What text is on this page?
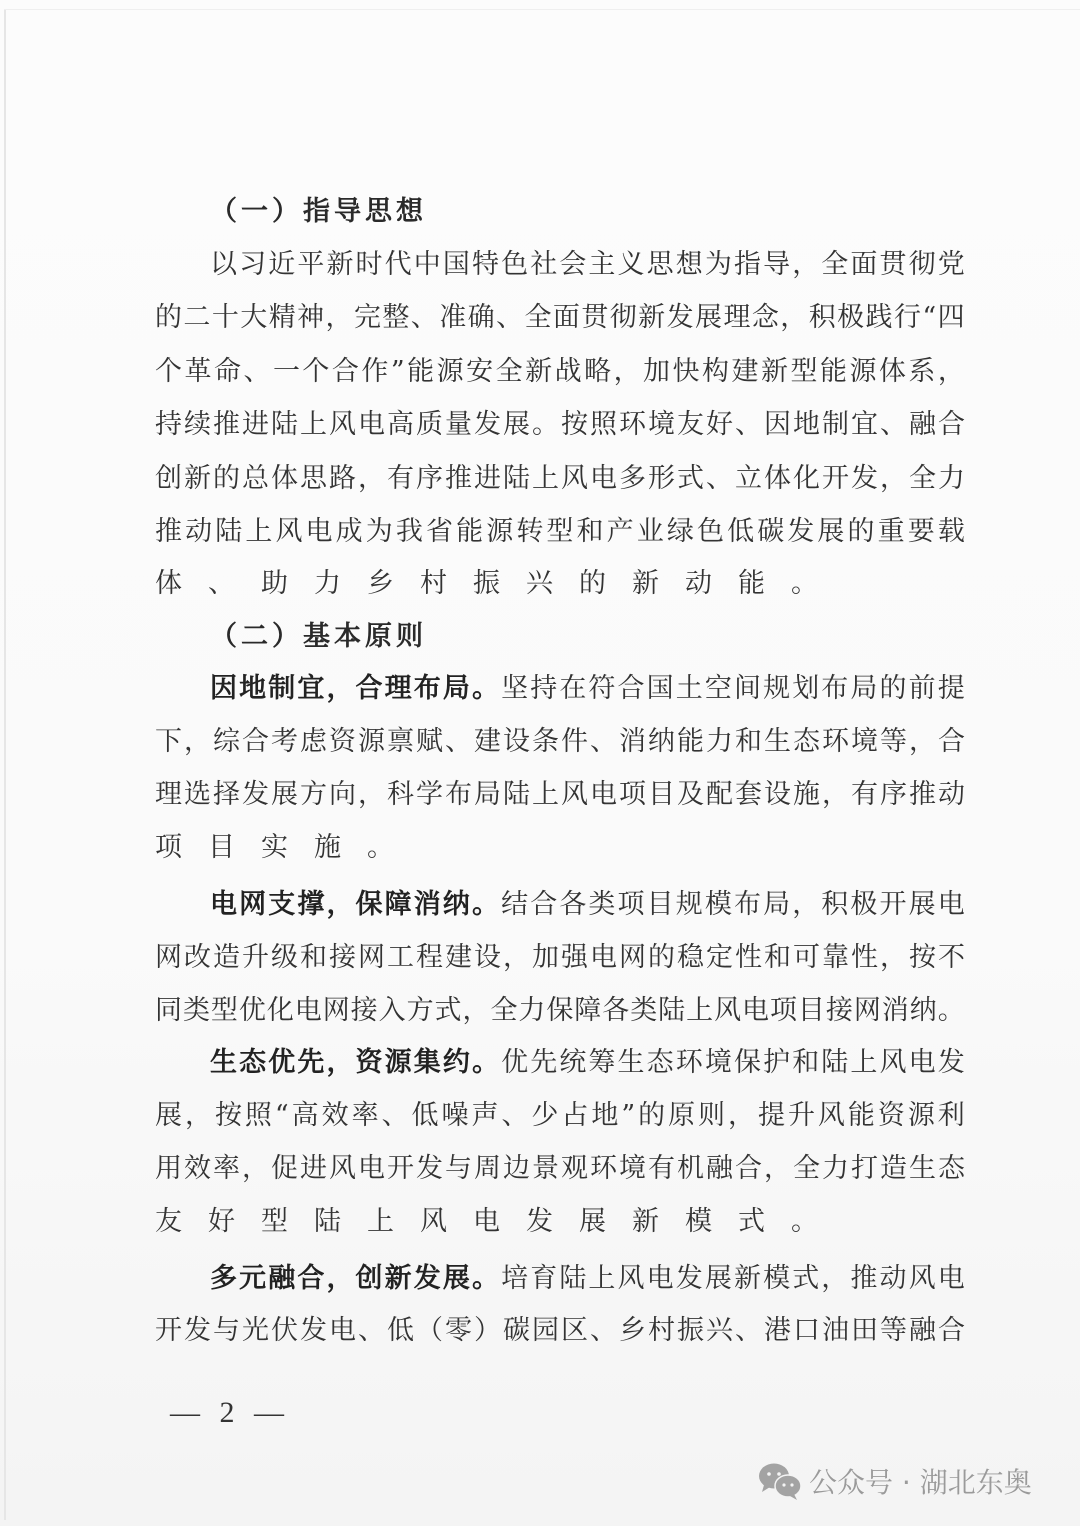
（ 一 ） 指 导 思 想
以 习 近 平 新 时 代 中 国 特 色 社 会 主 义 思 想 为 指 导 ， 全 面 贯 彻 党
的 二 十 大 精 神 ， 完 整 、 准 确 、 全 面 贯 彻 新 发 展 理 念 ， 积 极 践 行 “ 四
个 革 命 、 一 个 合 作 ” 能 源 安 全 新 战 略 ， 加 快 构 建 新 型 能 源 体 系 ，
持 续 推 进 陆 上 风 电 高 质 量 发 展 。 按 照 环 境 友 好 、 因 地 制 宜 、 融 合
创 新 的 总 体 思 路 ， 有 序 推 进 陆 上 风 电 多 形 式 、 立 体 化 开 发 ， 全 力
推 动 陆 上 风 电 成 为 我 省 能 源 转 型 和 产 业 绿 色 低 碳 发 展 的 重 要 载
体 、 助 力 乡 村 振 兴 的 新 动 能 。
（ 二 ） 基 本 原 则
因 地 制 宜 ， 合 理 布 局 。 坚 持 在 符 合 国 土 空 间 规 划 布 局 的 前 提
下 ， 综 合 考 虑 资 源 禀 赋 、 建 设 条 件 、 消 纳 能 力 和 生 态 环 境 等 ， 合
理 选 择 发 展 方 向 ， 科 学 布 局 陆 上 风 电 项 目 及 配 套 设 施 ， 有 序 推 动
项 目 实 施 。
电 网 支 撑 ， 保 障 消 纳 。 结 合 各 类 项 目 规 模 布 局 ， 积 极 开 展 电
网 改 造 升 级 和 接 网 工 程 建 设 ， 加 强 电 网 的 稳 定 性 和 可 靠 性 ， 按 不
同 类 型 优 化 电 网 接 入 方 式 ， 全 力 保 障 各 类 陆 上 风 电 项 目 接 网 消 纳 。
生 态 优 先 ， 资 源 集 约 。 优 先 统 筹 生 态 环 境 保 护 和 陆 上 风 电 发
展 ， 按 照 “ 高 效 率 、 低 噪 声 、 少 占 地 ” 的 原 则 ， 提 升 风 能 资 源 利
用 效 率 ， 促 进 风 电 开 发 与 周 边 景 观 环 境 有 机 融 合 ， 全 力 打 造 生 态
友 好 型 陆 上 风 电 发 展 新 模 式 。
多 元 融 合 ， 创 新 发 展 。 培 育 陆 上 风 电 发 展 新 模 式 ， 推 动 风 电
开 发 与 光 伏 发 电 、 低 （ 零 ） 碳 园 区 、 乡 村 振 兴 、 港 口 油 田 等 融 合
— 2 —
公众号 · 湖北东奥
